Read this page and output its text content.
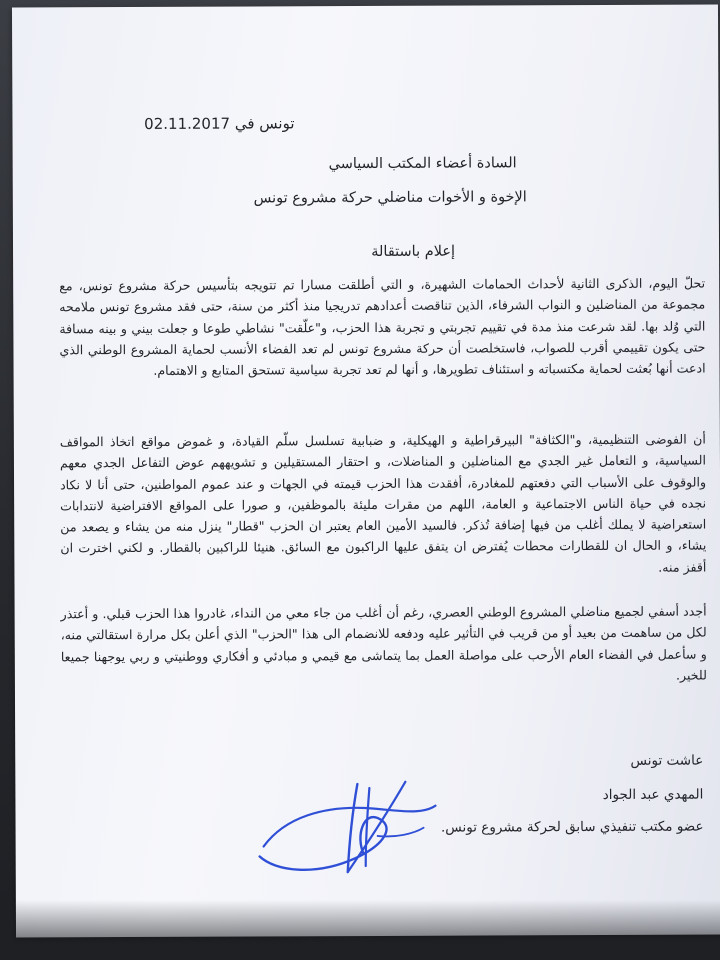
تونس في 02.11.2017
السادة أعضاء المكتب السياسي
الإخوة و الأخوات مناضلي حركة مشروع تونس
إعلام باستقالة
تحلّ اليوم، الذكرى الثانية لأحداث الحمامات الشهيرة، و التي أطلقت مسارا تم تتويجه بتأسيس حركة مشروع تونس، مع مجموعة من المناضلين و النواب الشرفاء، الذين تناقصت أعدادهم تدريجيا منذ أكثر من سنة، حتى فقد مشروع تونس ملامحه التي وُلد بها. لقد شرعت منذ مدة في تقييم تجربتي و تجربة هذا الحزب، و"علّقت" نشاطي طوعا و جعلت بيني و بينه مسافة حتى يكون تقييمي أقرب للصواب، فاستخلصت أن حركة مشروع تونس لم تعد الفضاء الأنسب لحماية المشروع الوطني الذي ادعت أنها بُعثت لحماية مكتسباته و استئناف تطويرها، و أنها لم تعد تجربة سياسية تستحق المتابع و الاهتمام.
أن الفوضى التنظيمية، و"الكثافة" البيرقراطية و الهيكلية، و ضبابية تسلسل سلّم القيادة، و غموض مواقع اتخاذ المواقف السياسية، و التعامل غير الجدي مع المناضلين و المناضلات، و احتقار المستقيلين و تشويههم عوض التفاعل الجدي معهم والوقوف على الأسباب التي دفعتهم للمغادرة، أفقدت هذا الحزب قيمته في الجهات و عند عموم المواطنين، حتى أنا لا نكاد نجده في حياة الناس الاجتماعية و العامة، اللهم من مقرات مليئة بالموظفين، و صورا على المواقع الافتراضية لانتدابات استعراضية لا يملك أغلب من فيها إضافة تُذكر. فالسيد الأمين العام يعتبر ان الحزب "قطار" ينزل منه من يشاء و يصعد من يشاء، و الحال ان للقطارات محطات يُفترض ان يتفق عليها الراكبون مع السائق. هنيئا للراكبين بالقطار. و لكني اخترت ان أقفز منه.
أجدد أسفي لجميع مناضلي المشروع الوطني العصري، رغم أن أغلب من جاء معي من النداء، غادروا هذا الحزب قبلي. و أعتذر لكل من ساهمت من بعيد أو من قريب في التأثير عليه ودفعه للانضمام الى هذا "الحزب" الذي أعلن بكل مرارة استقالتي منه، و سأعمل في الفضاء العام الأرحب على مواصلة العمل بما يتماشى مع قيمي و مبادئي و أفكاري ووطنيتي و ربي يوجهنا جميعا للخير.
عاشت تونس
المهدي عبد الجواد
عضو مكتب تنفيذي سابق لحركة مشروع تونس.
